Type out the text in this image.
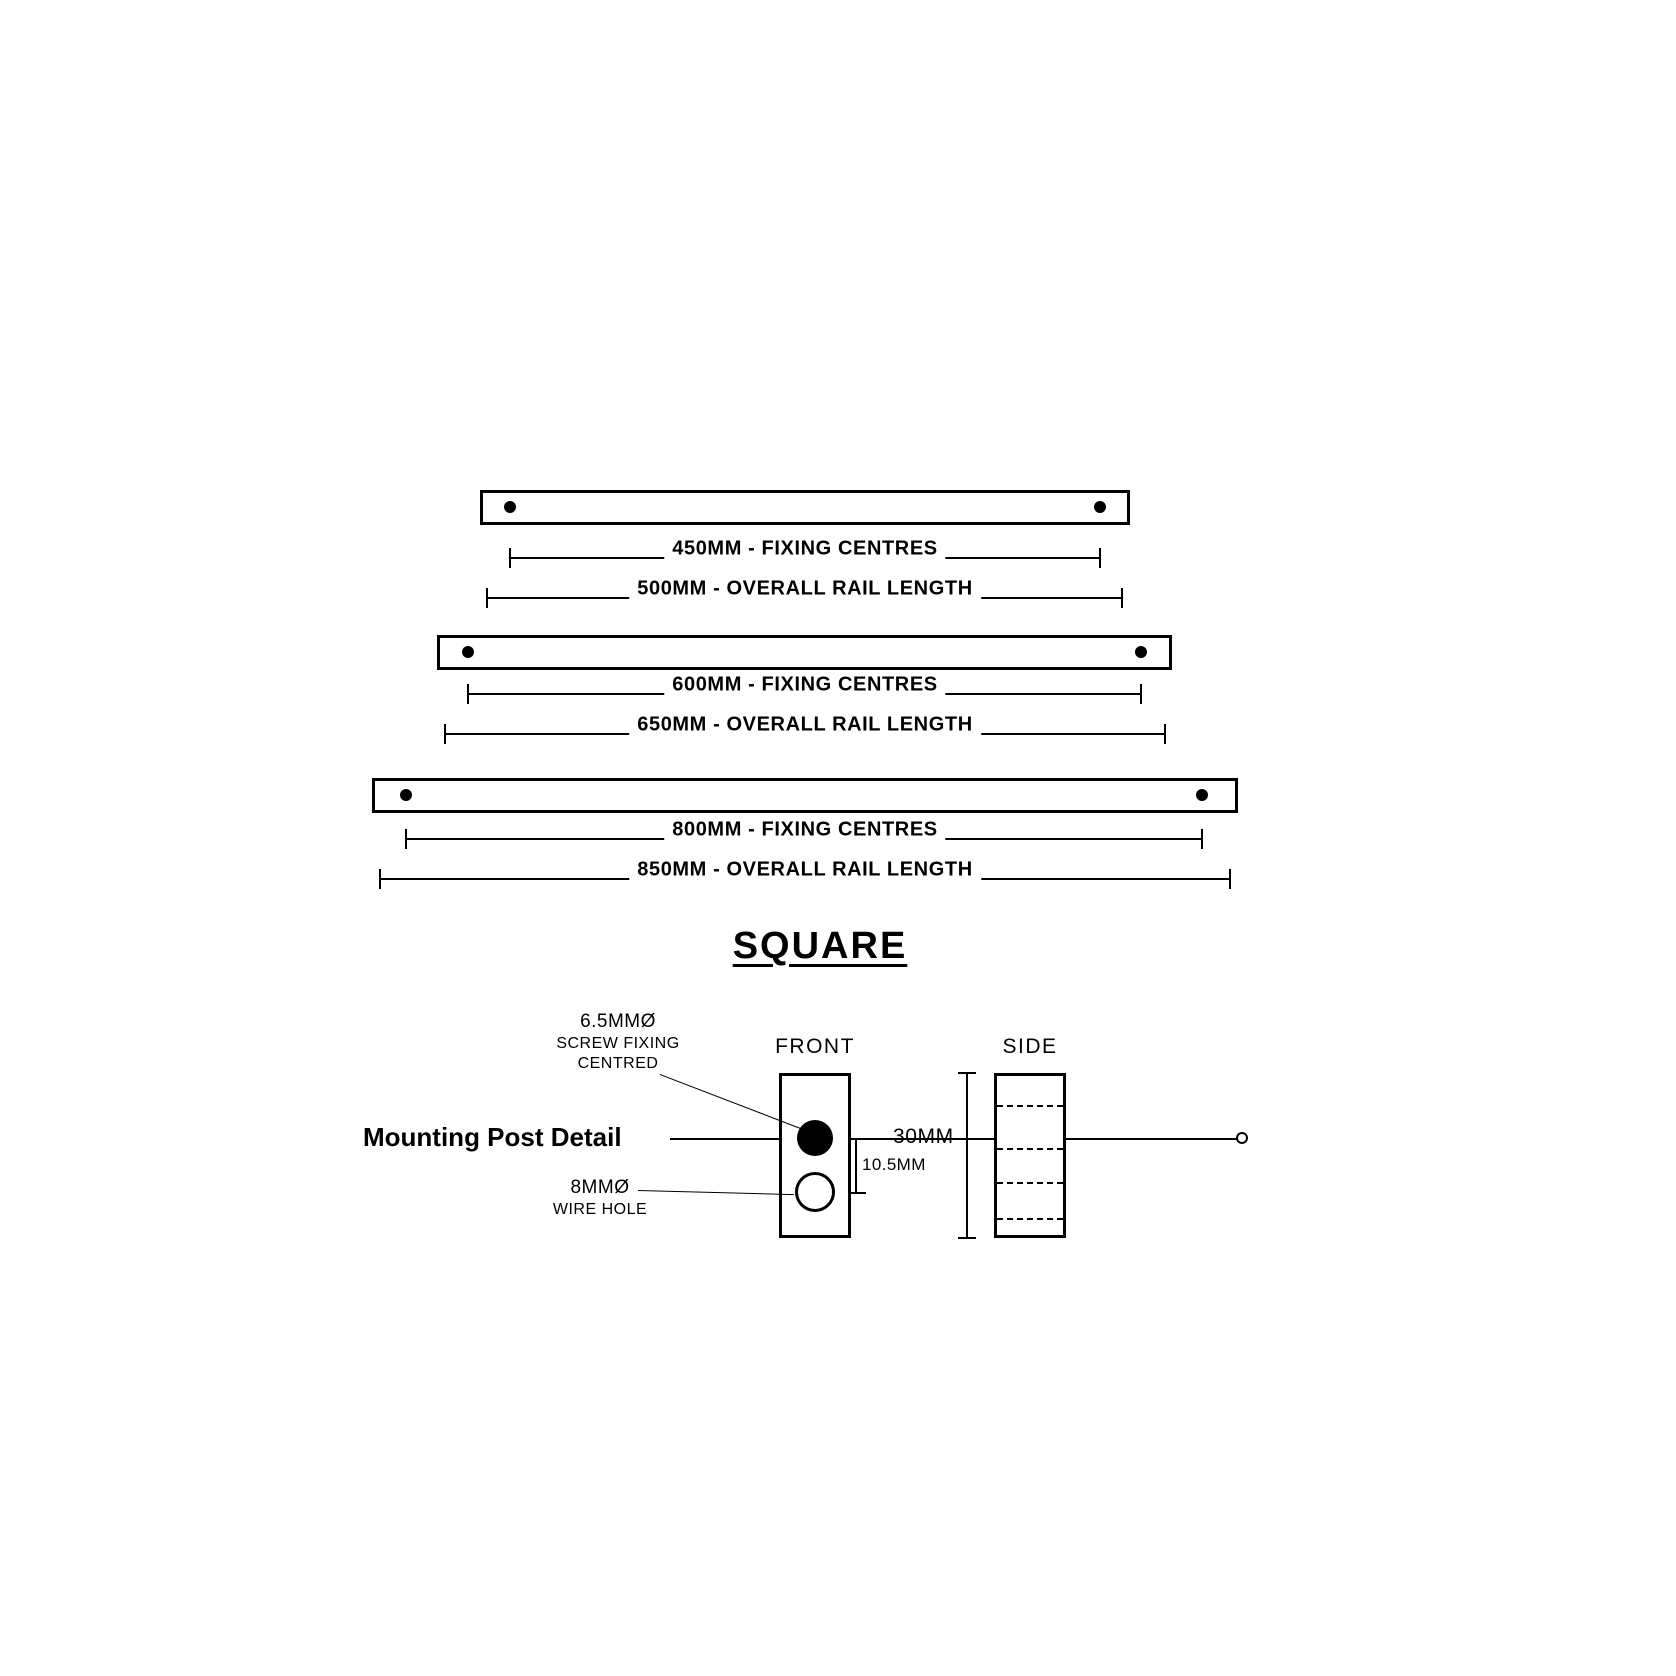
450MM - FIXING CENTRES
500MM - OVERALL RAIL LENGTH
600MM - FIXING CENTRES
650MM - OVERALL RAIL LENGTH
800MM - FIXING CENTRES
850MM - OVERALL RAIL LENGTH
SQUARE
Mounting Post Detail
FRONT
10.5MM
6.5MMØ
SCREW FIXING
CENTRED
8MMØ
WIRE HOLE
SIDE
30MM
